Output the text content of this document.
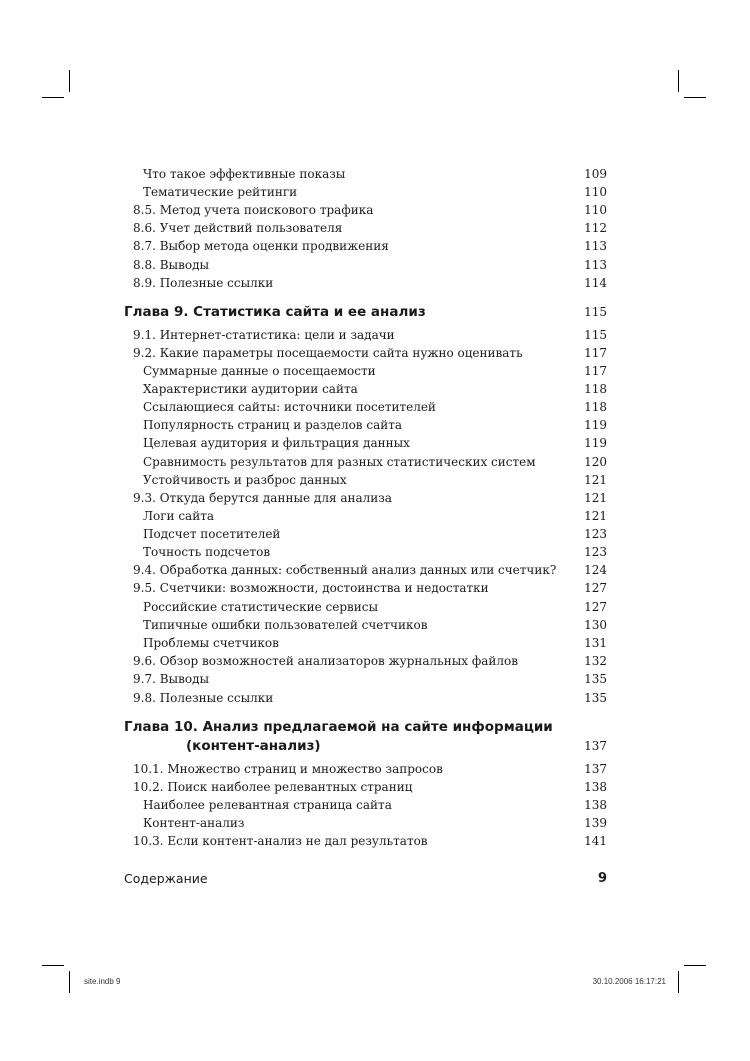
Что такое эффективные показы	109
Тематические рейтинги	110
8.5. Метод учета поискового трафика	110
8.6. Учет действий пользователя	112
8.7. Выбор метода оценки продвижения	113
8.8. Выводы	113
8.9. Полезные ссылки	114
Глава 9. Статистика сайта и ее анализ	115
9.1. Интернет-статистика: цели и задачи	115
9.2. Какие параметры посещаемости сайта нужно оценивать	117
Суммарные данные о посещаемости	117
Характеристики аудитории сайта	118
Ссылающиеся сайты: источники посетителей	118
Популярность страниц и разделов сайта	119
Целевая аудитория и фильтрация данных	119
Сравнимость результатов для разных статистических систем	120
Устойчивость и разброс данных	121
9.3. Откуда берутся данные для анализа	121
Логи сайта	121
Подсчет посетителей	123
Точность подсчетов	123
9.4. Обработка данных: собственный анализ данных или счетчик? 124
9.5. Счетчики: возможности, достоинства и недостатки	127
Российские статистические сервисы	127
Типичные ошибки пользователей счетчиков	130
Проблемы счетчиков	131
9.6. Обзор возможностей анализаторов журнальных файлов	132
9.7. Выводы	135
9.8. Полезные ссылки	135
Глава 10. Анализ предлагаемой на сайте информации
(контент-анализ)	137
10.1. Множество страниц и множество запросов	137
10.2. Поиск наиболее релевантных страниц	138
Наиболее релевантная страница сайта	138
Контент-анализ	139
10.3. Если контент-анализ не дал результатов	141
Содержание	9
site.indb 9	30.10.2006 16:17:21
